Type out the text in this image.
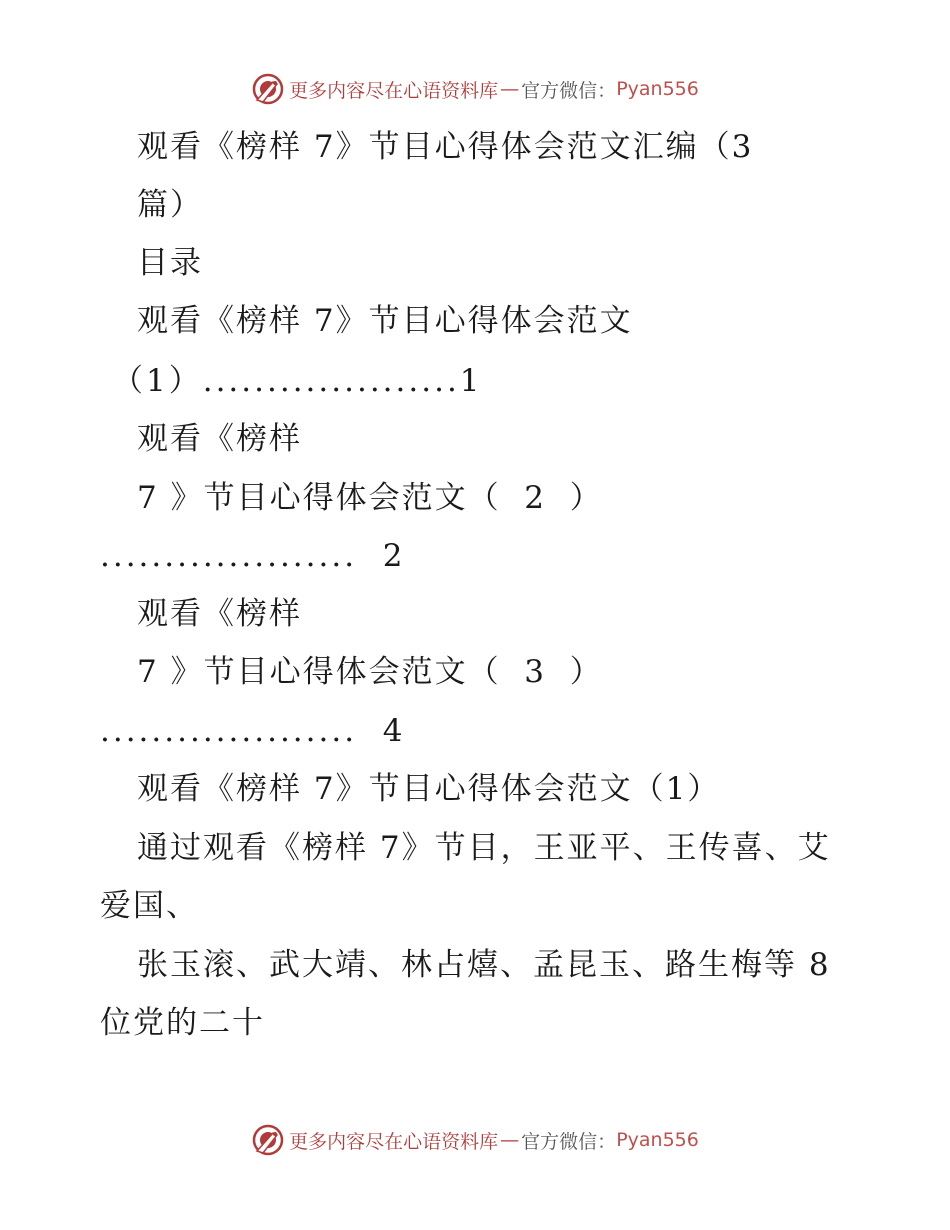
更多内容尽在心语资料库 — 官方微信： Pyan556
观看《榜样 7》节目心得体会范文汇编（3
篇）
目录
观看《榜样 7》节目心得体会范文
（1）....................1
观看《榜样
7 》节目心得体会范文（  2  ）
....................  2
观看《榜样
7 》节目心得体会范文（  3  ）
....................  4
观看《榜样 7》节目心得体会范文（1）
通过观看《榜样 7》节目，王亚平、王传喜、艾
爱国、
张玉滚、武大靖、林占熺、孟昆玉、路生梅等 8
位党的二十
更多内容尽在心语资料库 — 官方微信： Pyan556
